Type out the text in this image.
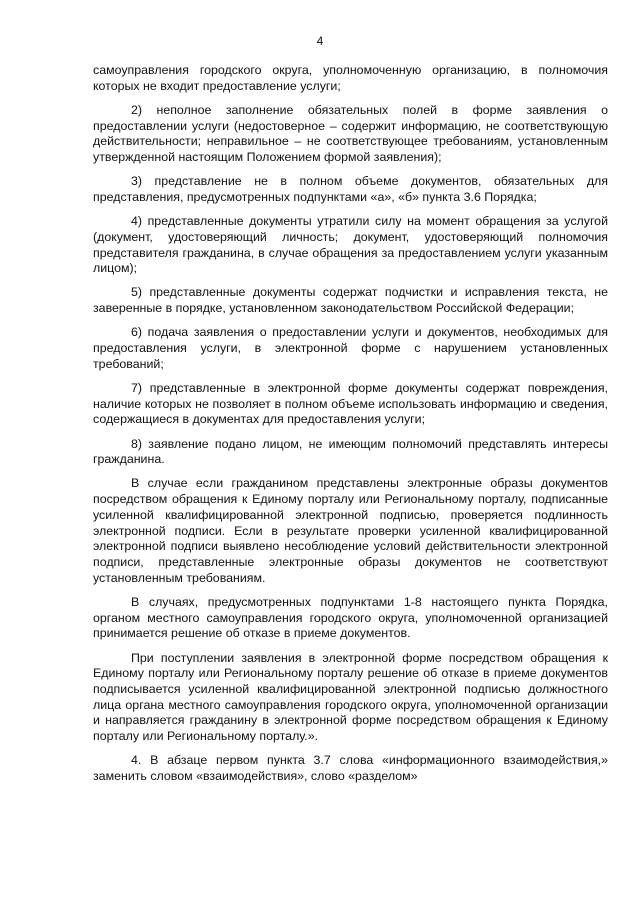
4

самоуправления городского округа, уполномоченную организацию, в полномочия которых не входит предоставление услуги;

2) неполное заполнение обязательных полей в форме заявления о предоставлении услуги (недостоверное – содержит информацию, не соответствующую действительности; неправильное – не соответствующее требованиям, установленным утвержденной настоящим Положением формой заявления);

3) представление не в полном объеме документов, обязательных для представления, предусмотренных подпунктами «а», «б» пункта 3.6 Порядка;

4) представленные документы утратили силу на момент обращения за услугой (документ, удостоверяющий личность; документ, удостоверяющий полномочия представителя гражданина, в случае обращения за предоставлением услуги указанным лицом);

5) представленные документы содержат подчистки и исправления текста, не заверенные в порядке, установленном законодательством Российской Федерации;

6) подача заявления о предоставлении услуги и документов, необходимых для предоставления услуги, в электронной форме с нарушением установленных требований;

7) представленные в электронной форме документы содержат повреждения, наличие которых не позволяет в полном объеме использовать информацию и сведения, содержащиеся в документах для предоставления услуги;

8) заявление подано лицом, не имеющим полномочий представлять интересы гражданина.

В случае если гражданином представлены электронные образы документов посредством обращения к Единому порталу или Региональному порталу, подписанные усиленной квалифицированной электронной подписью, проверяется подлинность электронной подписи. Если в результате проверки усиленной квалифицированной электронной подписи выявлено несоблюдение условий действительности электронной подписи, представленные электронные образы документов не соответствуют установленным требованиям.

В случаях, предусмотренных подпунктами 1-8 настоящего пункта Порядка, органом местного самоуправления городского округа, уполномоченной организацией принимается решение об отказе в приеме документов.

При поступлении заявления в электронной форме посредством обращения к Единому порталу или Региональному порталу решение об отказе в приеме документов подписывается усиленной квалифицированной электронной подписью должностного лица органа местного самоуправления городского округа, уполномоченной организации и направляется гражданину в электронной форме посредством обращения к Единому порталу или Региональному порталу.».

4. В абзаце первом пункта 3.7 слова «информационного взаимодействия,» заменить словом «взаимодействия», слово «разделом»
